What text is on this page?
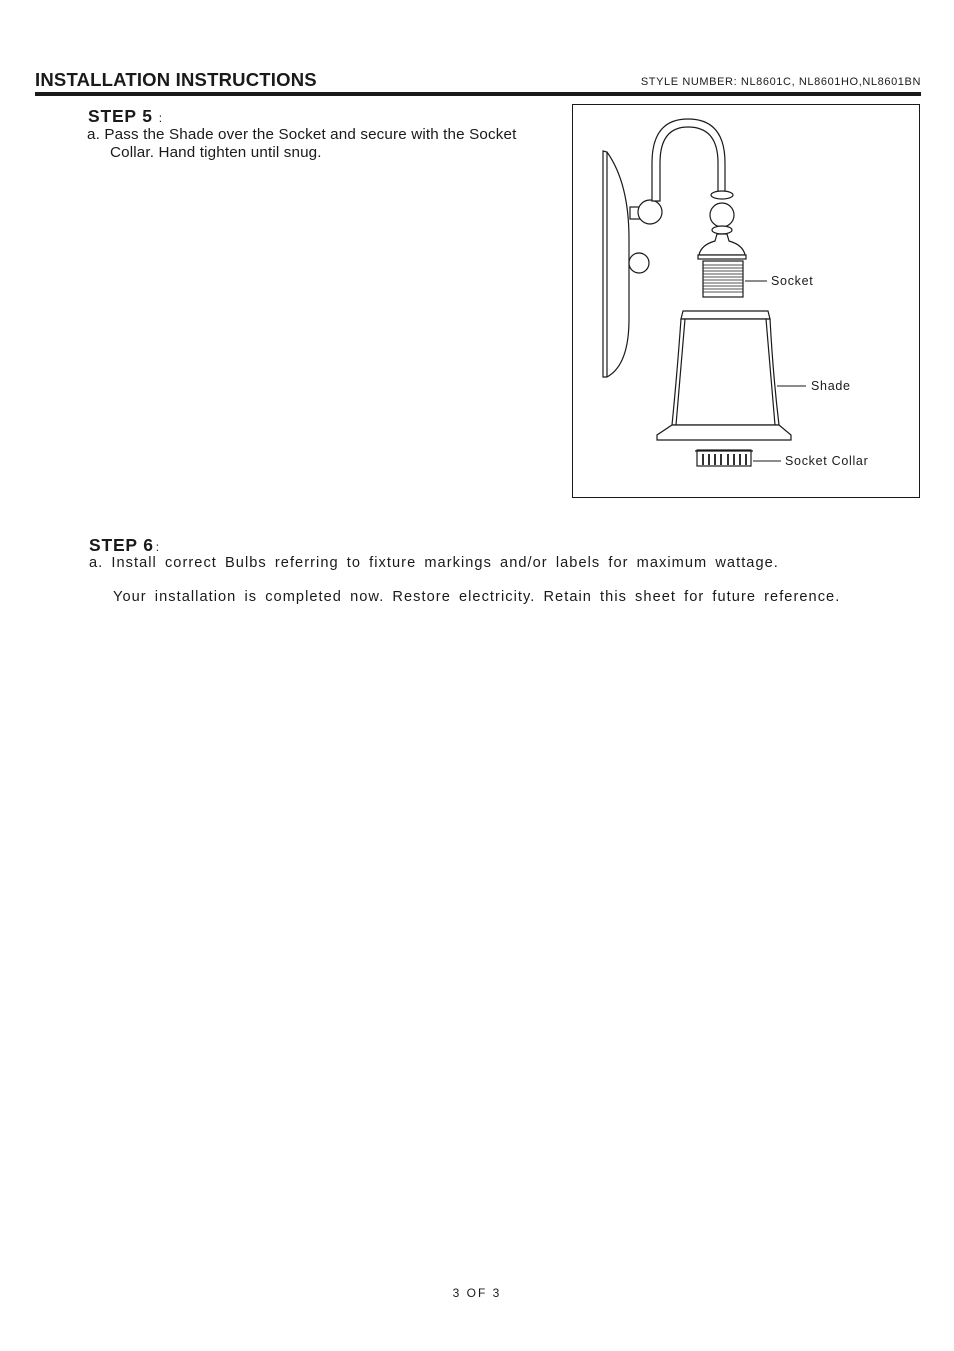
INSTALLATION INSTRUCTIONS	STYLE NUMBER: NL8601C, NL8601HO,NL8601BN
STEP 5 :
a. Pass the Shade over the Socket and secure with the Socket
Collar. Hand tighten until snug.
Socket
Shade
Socket Collar
STEP 6 :
a. Install correct Bulbs referring to fixture markings and/or labels for maximum wattage.
Your installation is completed now. Restore electricity. Retain this sheet for future reference.
3 OF 3
